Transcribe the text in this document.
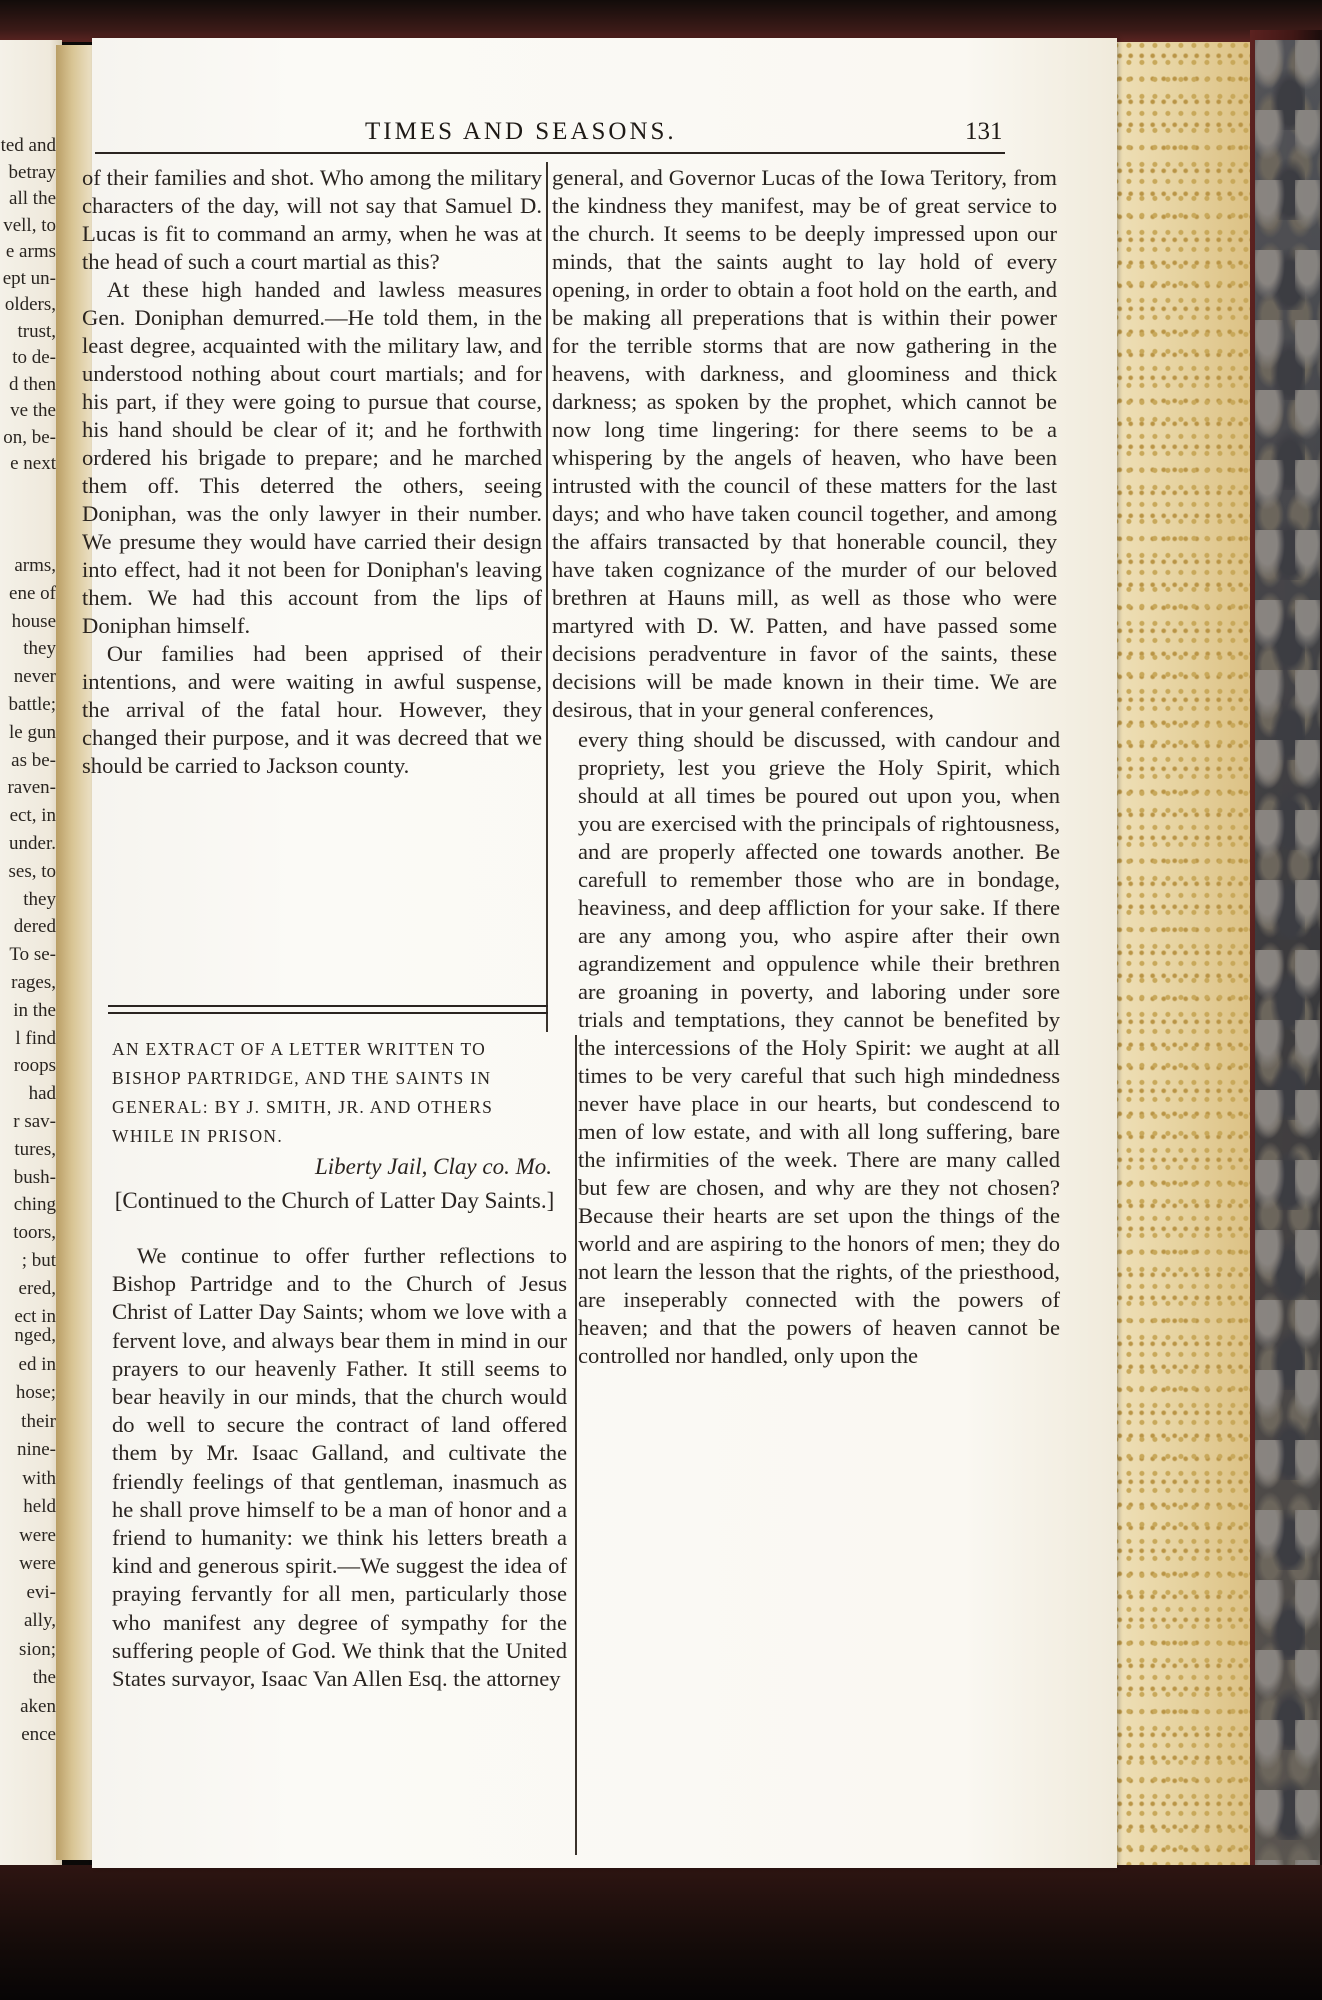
ted and
betray
all the
vell, to
e arms
ept un-
olders,
trust,
to de-
d then
ve the
on, be-
e next
arms,
ene of
house
they
never
battle;
le gun
as be-
raven-
ect, in
under.
ses, to
they
dered
To se-
rages,
in the
l find
roops
had
r sav-
tures,
bush-
ching
toors,
; but
ered,
ect in
nged,
ed in
hose;
their
nine-
with
held
were
were
evi-
ally,
sion;
the
aken
ence
TIMES AND SEASONS.	131

of their families and shot. Who among the military characters of the day, will not say that Samuel D. Lucas is fit to command an army, when he was at the head of such a court martial as this?

At these high handed and lawless measures Gen. Doniphan demurred.—He told them, in the least degree, acquainted with the military law, and understood nothing about court martials; and for his part, if they were going to pursue that course, his hand should be clear of it; and he forthwith ordered his brigade to prepare; and he marched them off. This deterred the others, seeing Doniphan, was the only lawyer in their number. We presume they would have carried their design into effect, had it not been for Doniphan's leaving them. We had this account from the lips of Doniphan himself.

Our families had been apprised of their intentions, and were waiting in awful suspense, the arrival of the fatal hour. However, they changed their purpose, and it was decreed that we should be carried to Jackson county.

AN EXTRACT OF A LETTER WRITTEN TO BISHOP PARTRIDGE, AND THE SAINTS IN GENERAL: BY J. SMITH, JR. AND OTHERS WHILE IN PRISON.
Liberty Jail, Clay co. Mo.
[Continued to the Church of Latter Day Saints.]

We continue to offer further reflections to Bishop Partridge and to the Church of Jesus Christ of Latter Day Saints; whom we love with a fervent love, and always bear them in mind in our prayers to our heavenly Father. It still seems to bear heavily in our minds, that the church would do well to secure the contract of land offered them by Mr. Isaac Galland, and cultivate the friendly feelings of that gentleman, inasmuch as he shall prove himself to be a man of honor and a friend to humanity: we think his letters breath a kind and generous spirit.—We suggest the idea of praying fervantly for all men, particularly those who manifest any degree of sympathy for the suffering people of God. We think that the United States survayor, Isaac Van Allen Esq. the attorney

general, and Governor Lucas of the Iowa Teritory, from the kindness they manifest, may be of great service to the church. It seems to be deeply impressed upon our minds, that the saints aught to lay hold of every opening, in order to obtain a foot hold on the earth, and be making all preperations that is within their power for the terrible storms that are now gathering in the heavens, with darkness, and gloominess and thick darkness; as spoken by the prophet, which cannot be now long time lingering: for there seems to be a whispering by the angels of heaven, who have been intrusted with the council of these matters for the last days; and who have taken council together, and among the affairs transacted by that honerable council, they have taken cognizance of the murder of our beloved brethren at Hauns mill, as well as those who were martyred with D. W. Patten, and have passed some decisions peradventure in favor of the saints, these decisions will be made known in their time. We are desirous, that in your general conferences,

every thing should be discussed, with candour and propriety, lest you grieve the Holy Spirit, which should at all times be poured out upon you, when you are exercised with the principals of rightousness, and are properly affected one towards another. Be carefull to remember those who are in bondage, heaviness, and deep affliction for your sake. If there are any among you, who aspire after their own agrandizement and oppulence while their brethren are groaning in poverty, and laboring under sore trials and temptations, they cannot be benefited by the intercessions of the Holy Spirit: we aught at all times to be very careful that such high mindedness never have place in our hearts, but condescend to men of low estate, and with all long suffering, bare the infirmities of the week. There are many called but few are chosen, and why are they not chosen? Because their hearts are set upon the things of the world and are aspiring to the honors of men; they do not learn the lesson that the rights, of the priesthood, are inseperably connected with the powers of heaven; and that the powers of heaven cannot be controlled nor handled, only upon the
